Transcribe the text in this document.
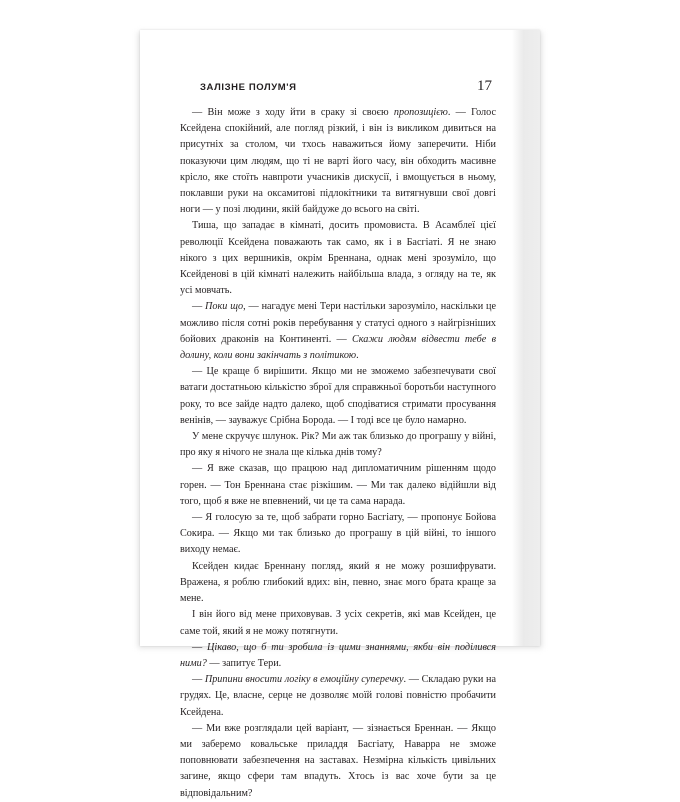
ЗАЛІЗНЕ ПОЛУМ'Я	17

— Він може з ходу йти в сраку зі своєю пропозицією. — Голос Ксейдена спокійний, але погляд різкий, і він із викликом дивиться на присутніх за столом, чи тхось наважиться йому заперечити. Ніби показуючи цим людям, що ті не варті його часу, він обходить масивне крісло, яке стоїть навпроти учасників дискусії, і вмощується в ньому, поклавши руки на оксамитові підлокітники та витягнувши свої довгі ноги — у позі людини, якій байдуже до всього на світі.

Тиша, що западає в кімнаті, досить промовиста. В Асамблеї цієї революції Ксейдена поважають так само, як і в Басгіаті. Я не знаю нікого з цих вершників, окрім Бреннана, однак мені зрозуміло, що Ксейденові в цій кімнаті належить найбільша влада, з огляду на те, як усі мовчать.

— Поки що, — нагадує мені Тери настільки зарозуміло, наскільки це можливо після сотні років перебування у статусі одного з найгрізніших бойових драконів на Континенті. — Скажи людям відвести тебе в долину, коли вони закінчать з політикою.

— Це краще б вирішити. Якщо ми не зможемо забезпечувати свої ватаги достатньою кількістю зброї для справжньої боротьби наступного року, то все зайде надто далеко, щоб сподіватися стримати просування венінів, — зауважує Срібна Борода. — І тоді все це було намарно.

У мене скручує шлунок. Рік? Ми аж так близько до програшу у війні, про яку я нічого не знала ще кілька днів тому?

— Я вже сказав, що працюю над дипломатичним рішенням щодо горен. — Тон Бреннана стає різкішим. — Ми так далеко відійшли від того, щоб я вже не впевнений, чи це та сама нарада.

— Я голосую за те, щоб забрати горно Басгіату, — пропонує Бойова Сокира. — Якщо ми так близько до програшу в цій війні, то іншого виходу немає.

Ксейден кидає Бреннану погляд, який я не можу розшифрувати. Вражена, я роблю глибокий вдих: він, певно, знає мого брата краще за мене.

І він його від мене приховував. З усіх секретів, які мав Ксейден, це саме той, який я не можу потягнути.

— Цікаво, що б ти зробила із цими знаннями, якби він поділився ними? — запитує Тери.

— Припини вносити логіку в емоційну суперечку. — Складаю руки на грудях. Це, власне, серце не дозволяє моїй голові повністю пробачити Ксейдена.

— Ми вже розглядали цей варіант, — зізнається Бреннан. — Якщо ми заберемо ковальське приладдя Басгіату, Наварра не зможе поповнювати забезпечення на заставах. Незмірна кількість цивільних загине, якщо сфери там впадуть. Хтось із вас хоче бути за це відповідальним?
